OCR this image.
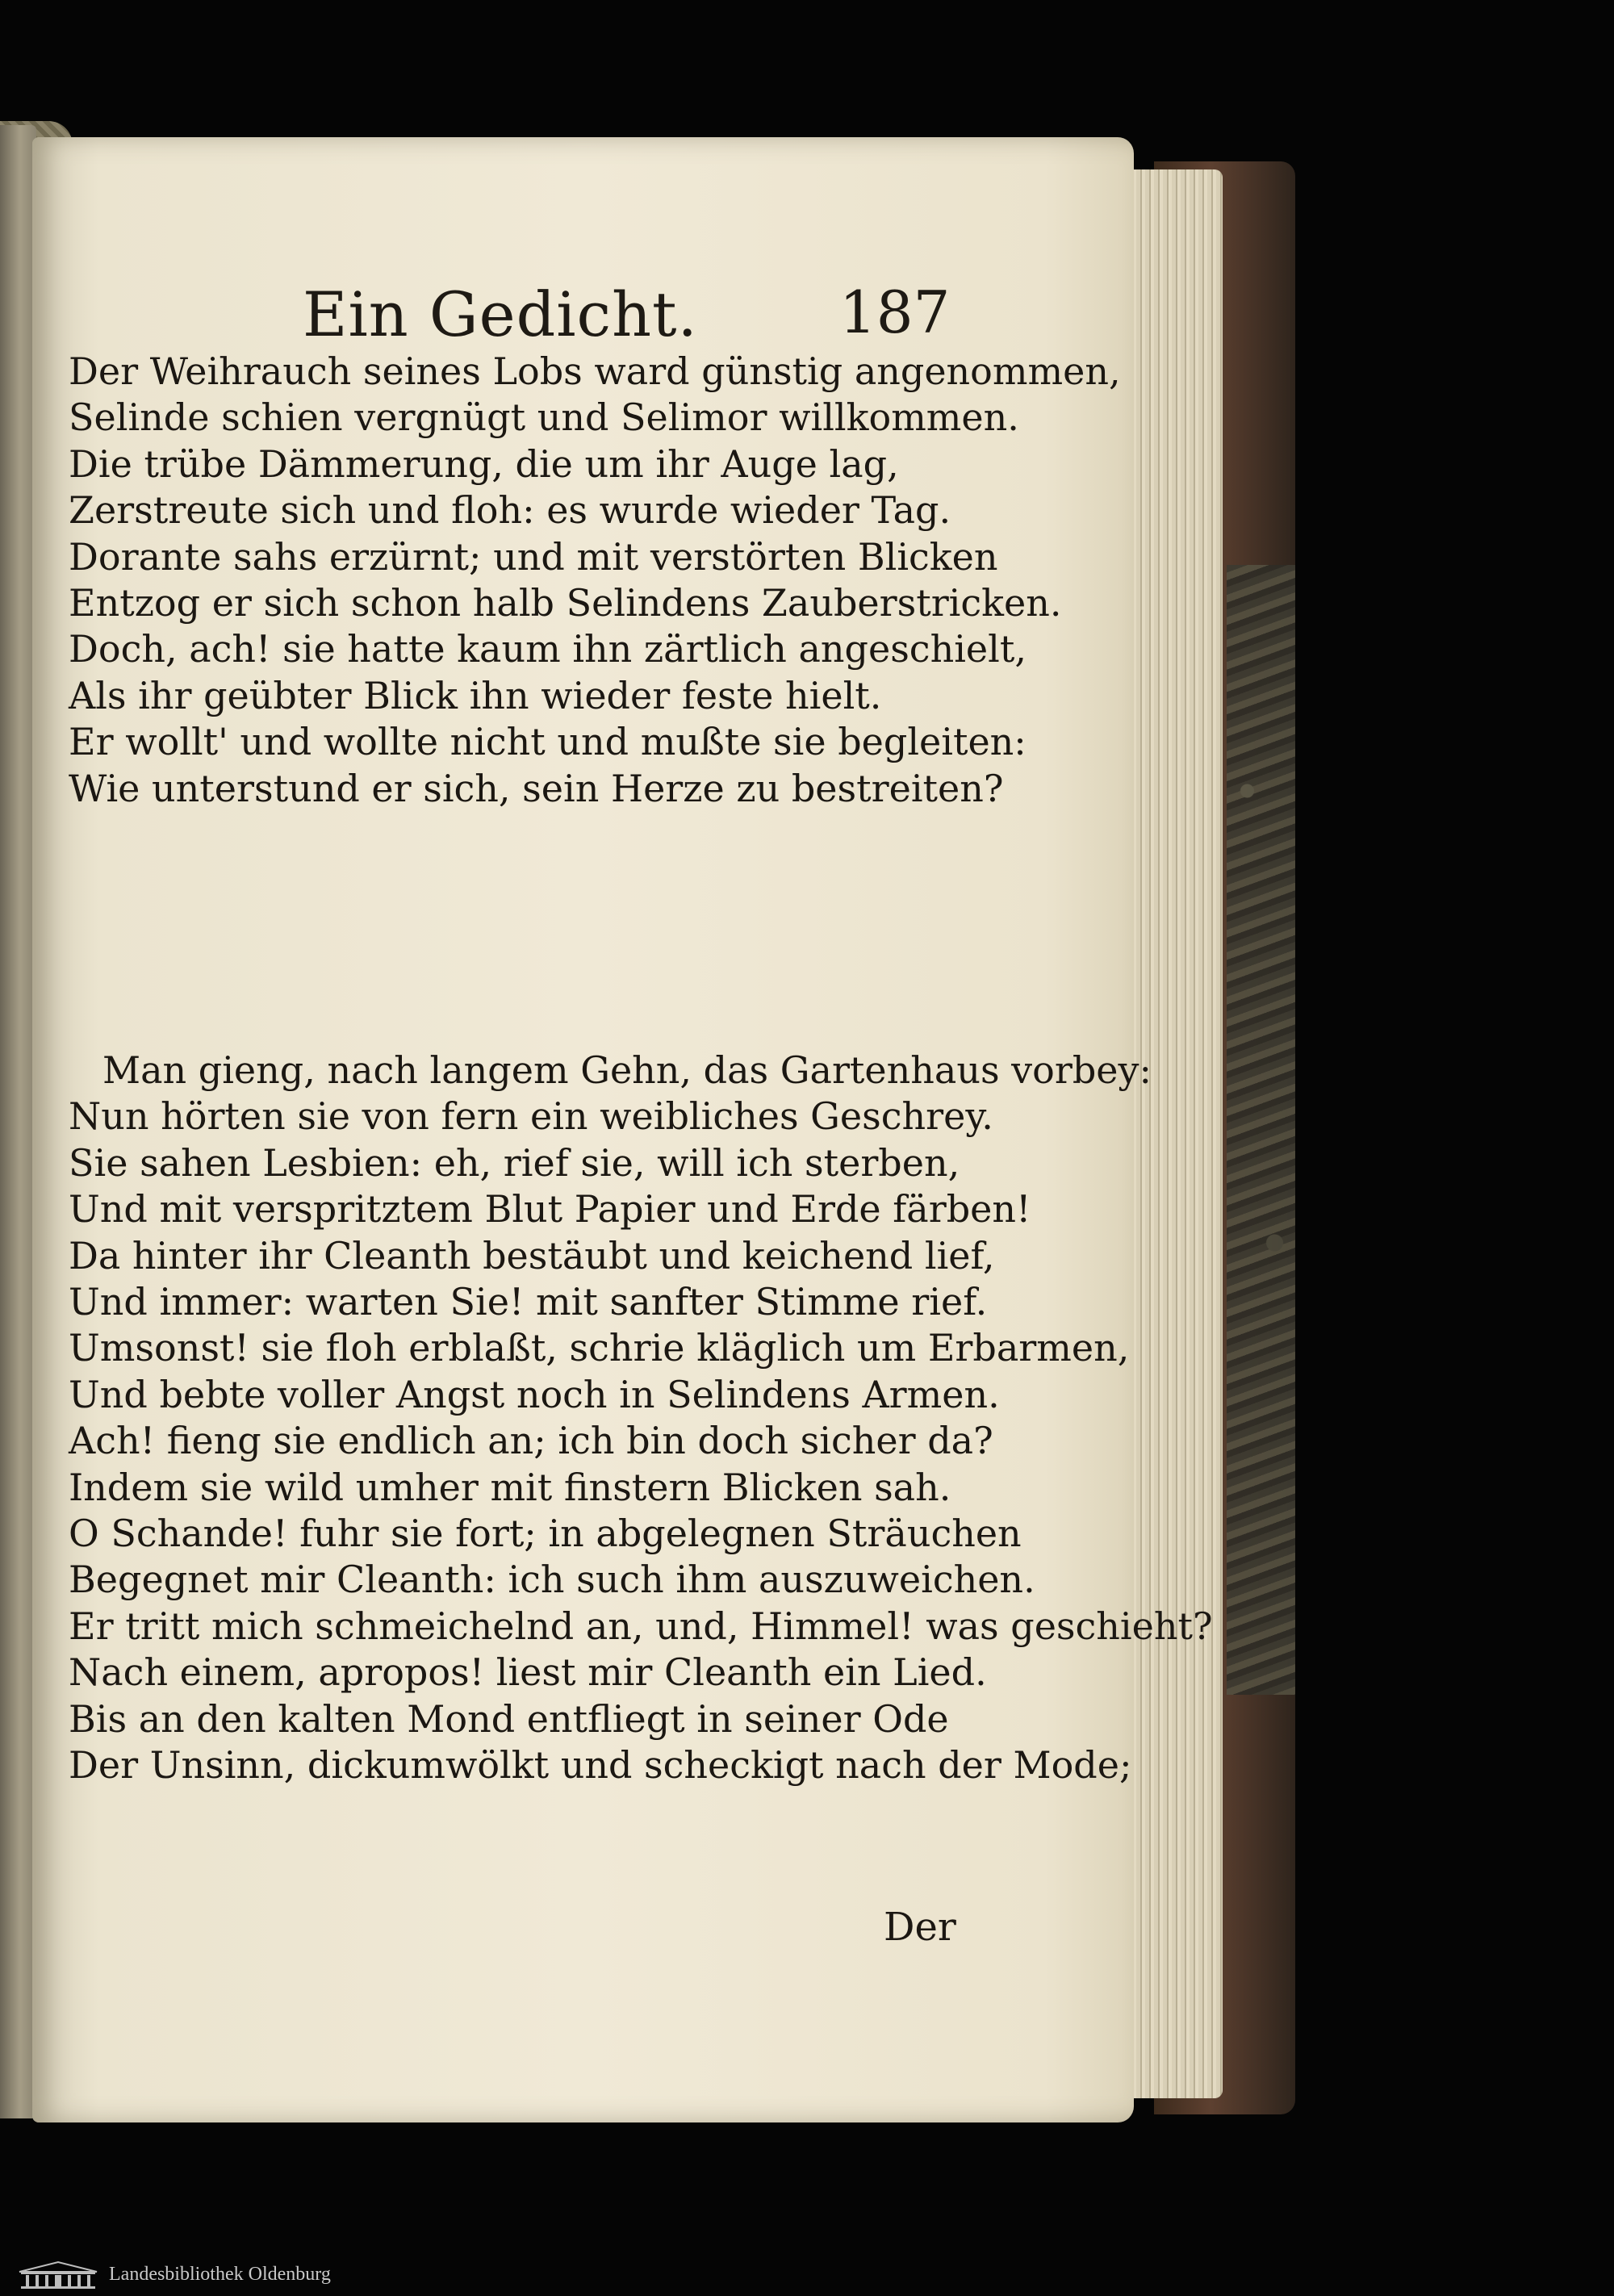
Ein Gedicht. 187
Der Weihrauch seines Lobs ward günstig angenommen,
Selinde schien vergnügt und Selimor willkommen.
Die trübe Dämmerung, die um ihr Auge lag,
Zerstreute sich und floh: es wurde wieder Tag.
Dorante sahs erzürnt; und mit verstörten Blicken
Entzog er sich schon halb Selindens Zauberstricken.
Doch, ach! sie hatte kaum ihn zärtlich angeschielt,
Als ihr geübter Blick ihn wieder feste hielt.
Er wollt' und wollte nicht und mußte sie begleiten:
Wie unterstund er sich, sein Herze zu bestreiten?
Man gieng, nach langem Gehn, das Gartenhaus vorbey:
Nun hörten sie von fern ein weibliches Geschrey.
Sie sahen Lesbien: eh, rief sie, will ich sterben,
Und mit verspritztem Blut Papier und Erde färben!
Da hinter ihr Cleanth bestäubt und keichend lief,
Und immer: warten Sie! mit sanfter Stimme rief.
Umsonst! sie floh erblaßt, schrie kläglich um Erbarmen,
Und bebte voller Angst noch in Selindens Armen.
Ach! fieng sie endlich an; ich bin doch sicher da?
Indem sie wild umher mit finstern Blicken sah.
O Schande! fuhr sie fort; in abgelegnen Sträuchen
Begegnet mir Cleanth: ich such ihm auszuweichen.
Er tritt mich schmeichelnd an, und, Himmel! was geschieht?
Nach einem, apropos! liest mir Cleanth ein Lied.
Bis an den kalten Mond entfliegt in seiner Ode
Der Unsinn, dickumwölkt und scheckigt nach der Mode;
Der
Landesbibliothek Oldenburg
